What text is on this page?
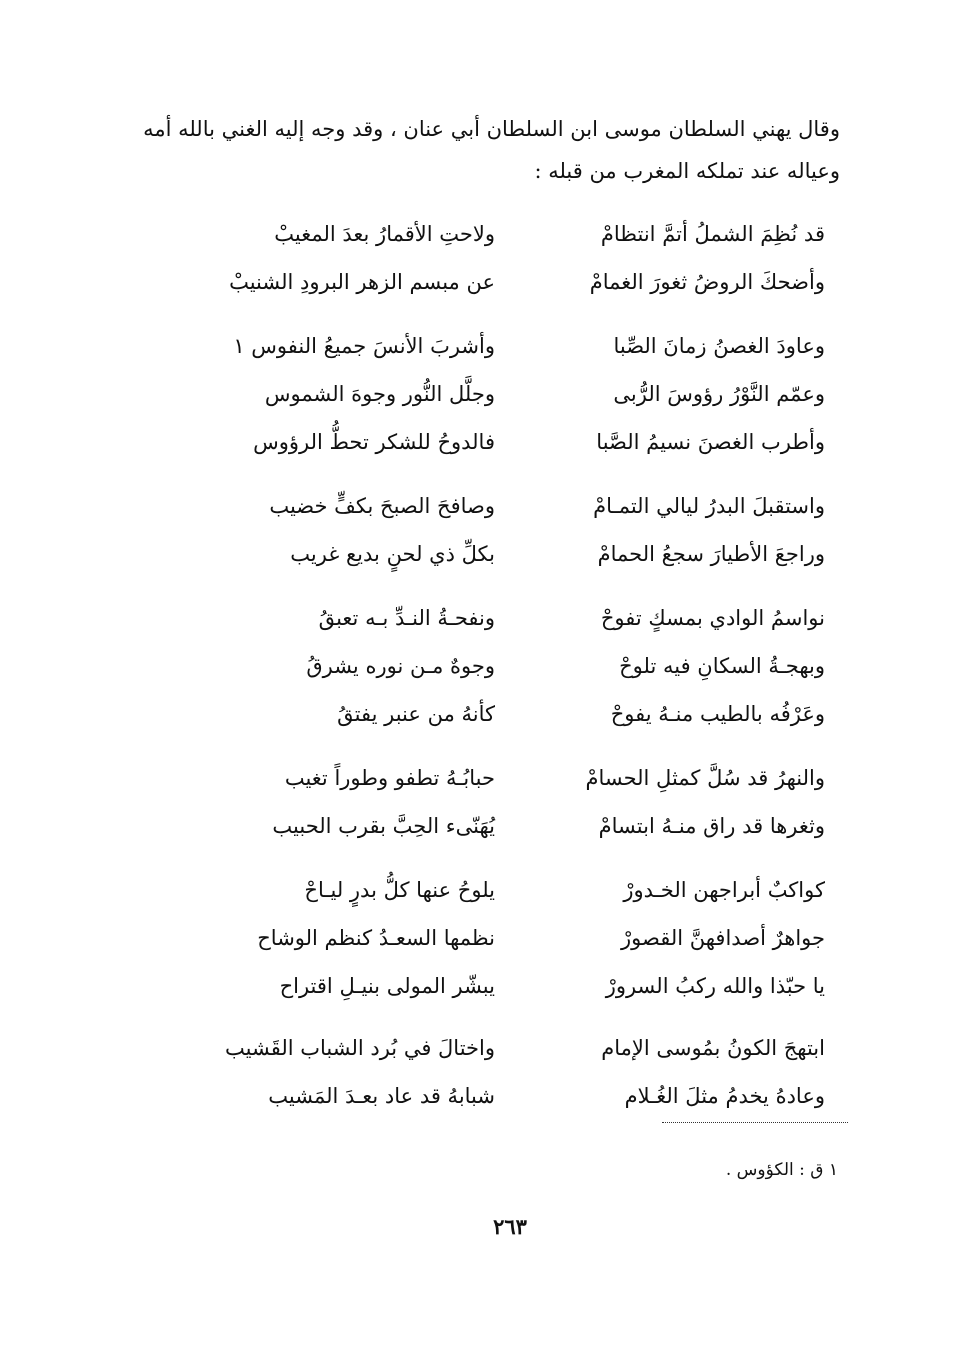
وقال يهني السلطان موسى ابن السلطان أبي عنان ، وقد وجه إليه الغني بالله أمه
وعياله عند تملكه المغرب من قبله :
قد نُظِمَ الشملُ أتمَّ انتظامْ
ولاحتِ الأقمارُ بعدَ المغيبْ
وأضحكَ الروضُ ثغورَ الغمامْ
عن مبسم الزهر البرودِ الشنيبْ
وعاودَ الغصنُ زمانَ الصِّبا
وأشربَ الأنسَ جميعُ النفوس ١
وعمّم النَّوْرُ رؤوسَ الرُّبى
وجلَّل النُّور وجوهَ الشموس
وأطرب الغصنَ نسيمُ الصَّبا
فالدوحُ للشكر تحطُّ الرؤوس
واستقبلَ البدرُ ليالي التمـامْ
وصافحَ الصبحَ بكفٍّ خضيب
وراجعَ الأطيارَ سجعُ الحمامْ
بكلِّ ذي لحنٍ بديع غريب
نواسمُ الوادي بمسكٍ تفوحْ
ونفحـةُ النـدِّ بـه تعبقُ
وبهجـةُ السكانِ فيه تلوحْ
وجوهٌ مـن نوره يشرقُ
وعَرْفُه بالطيب منـهُ يفوحْ
كأنهُ من عنبر يفتقُ
والنهرُ قد سُلَّ كمثلِ الحسامْ
حبابُـهُ تطفو وطوراً تغيب
وثغرها قد راق منـهُ ابتسامْ
يُهَنّىء الحِبَّ بقرب الحبيب
كواكبٌ أبراجهن الخـدورْ
يلوحُ عنها كلُّ بدرٍ ليـاحْ
جواهرٌ أصدافهنَّ القصورْ
نظمها السعـدُ كنظم الوشاح
يا حبّذا والله ركبُ السرورْ
يبشّر المولى بنيـلِ اقتراح
ابتهجَ الكونُ بمُوسى الإمام
واختالَ في بُرد الشباب القَشيب
وعادهُ يخدمُ مثلَ الغُـلام
شبابهُ قد عاد بعـدَ المَشيب
١ ق : الكؤوس .
٢٦٣
